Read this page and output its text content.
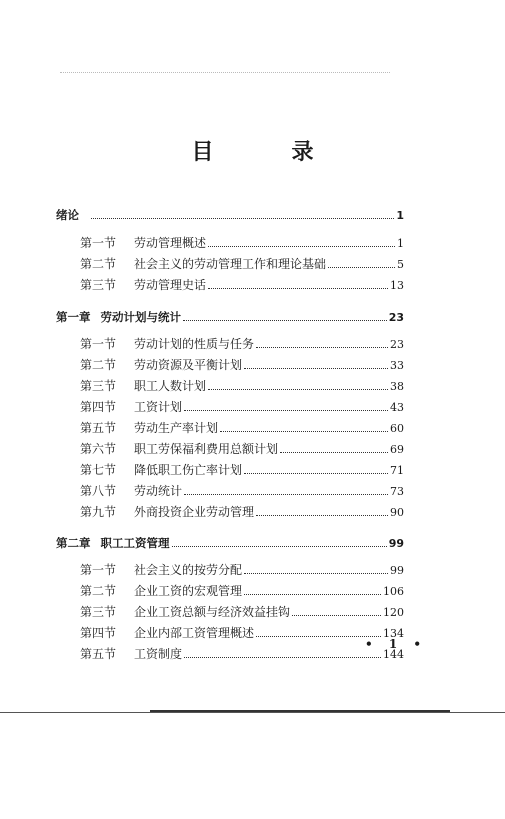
目　录
绪论	1
第一节	劳动管理概述	1
第二节	社会主义的劳动管理工作和理论基础	5
第三节	劳动管理史话	13
第一章 劳动计划与统计	23
第一节	劳动计划的性质与任务	23
第二节	劳动资源及平衡计划	33
第三节	职工人数计划	38
第四节	工资计划	43
第五节	劳动生产率计划	60
第六节	职工劳保福利费用总额计划	69
第七节	降低职工伤亡率计划	71
第八节	劳动统计	73
第九节	外商投资企业劳动管理	90
第二章 职工工资管理	99
第一节	社会主义的按劳分配	99
第二节	企业工资的宏观管理	106
第三节	企业工资总额与经济效益挂钩	120
第四节	企业内部工资管理概述	134
第五节	工资制度	144
• 1 •
